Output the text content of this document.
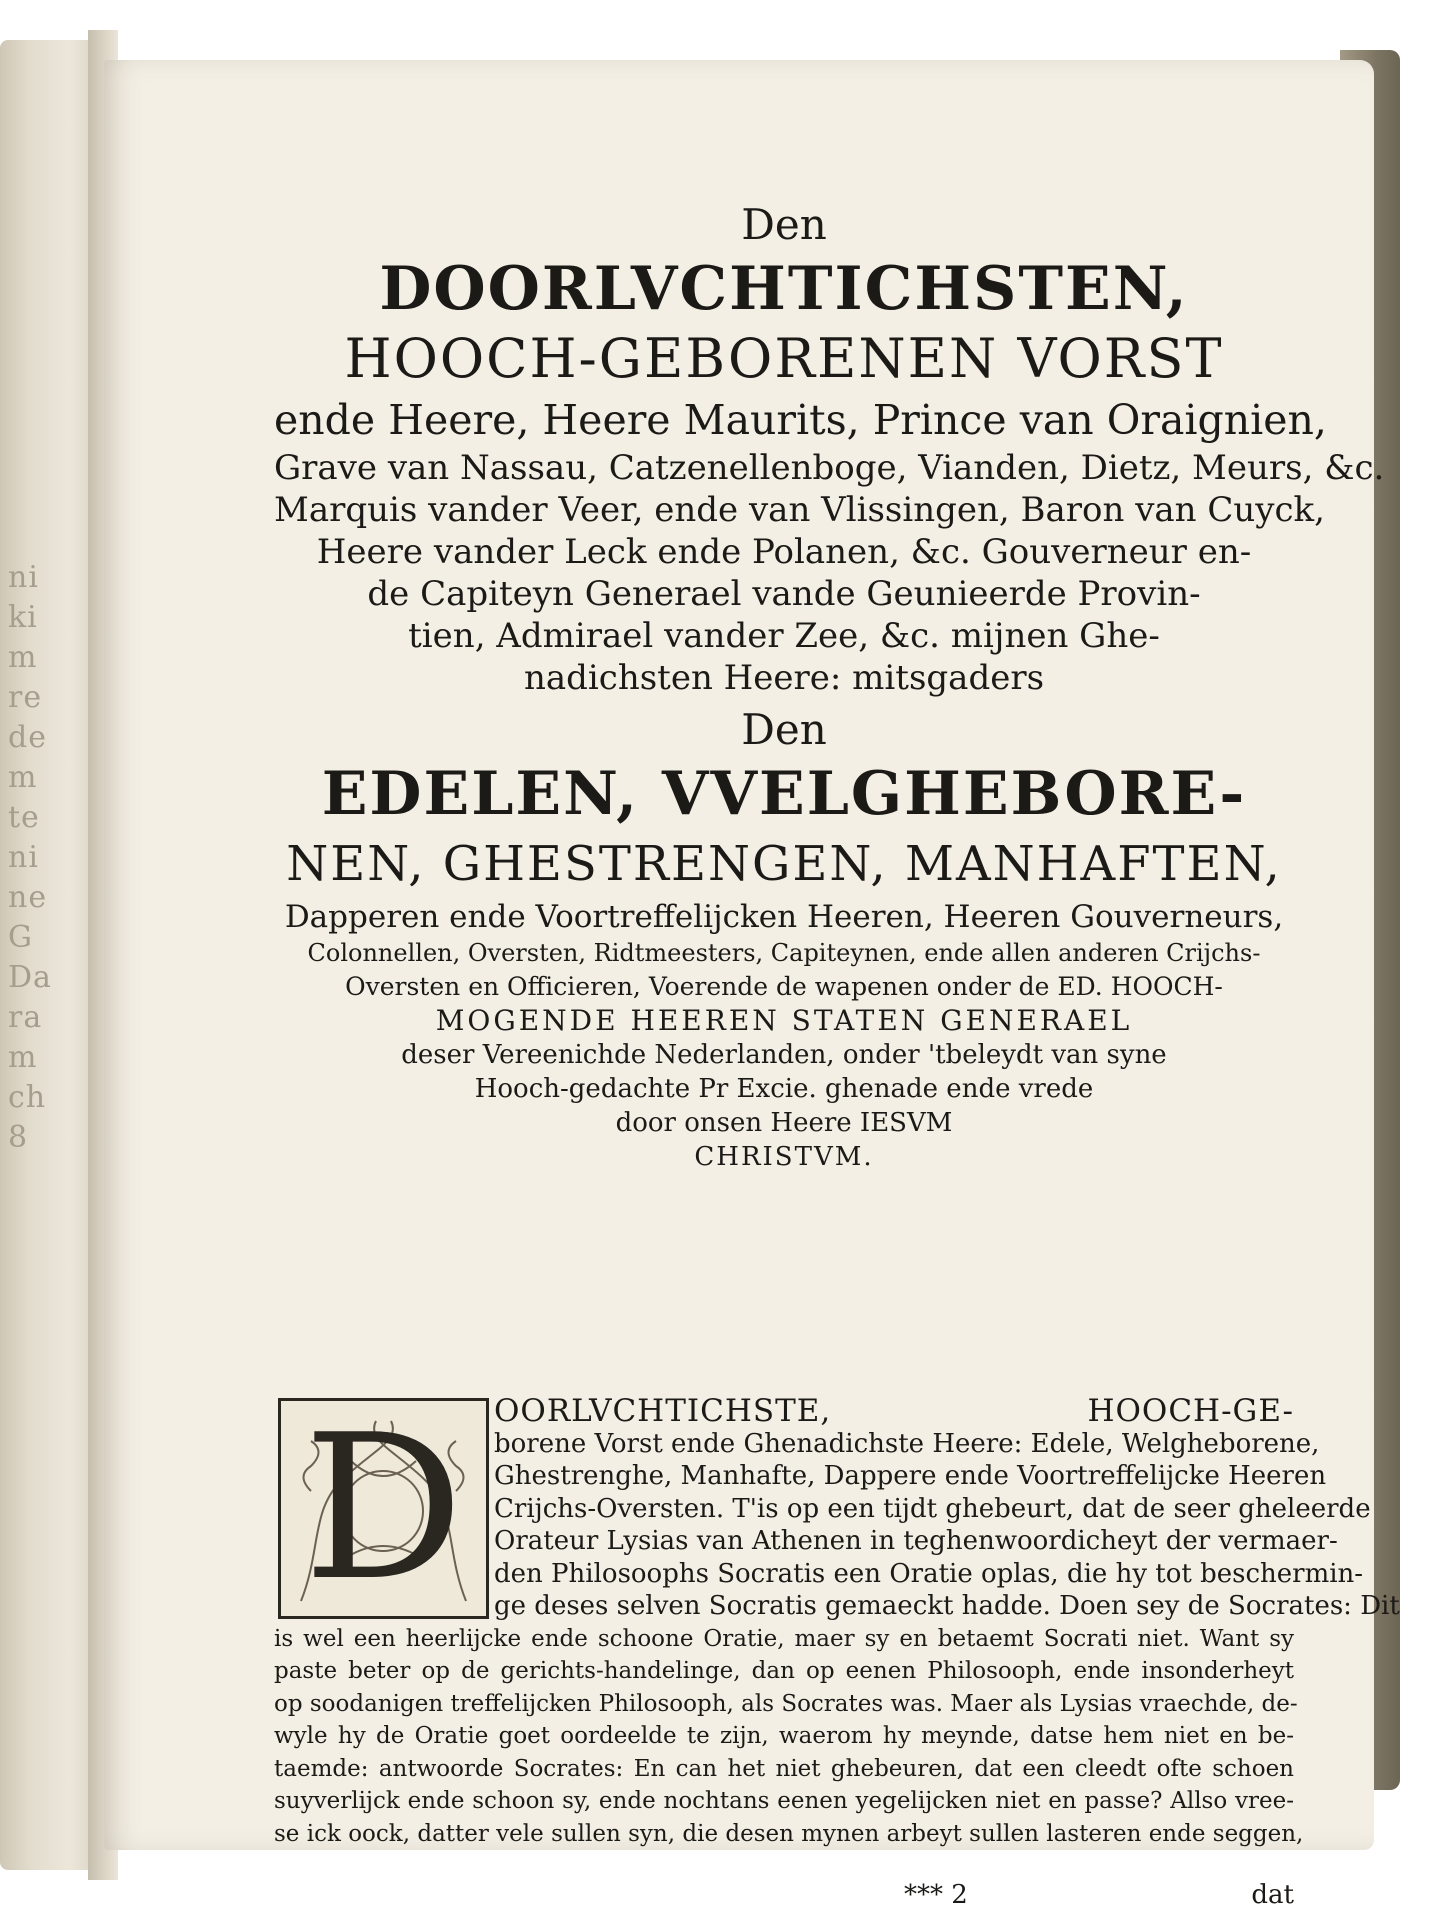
ni
ki
m
re
de
m
te
ni
ne
G
Da
ra
m
ch
8
Den
DOORLVCHTICHSTEN,
HOOCH-GEBORENEN VORST
ende Heere, Heere Maurits, Prince van Oraignien,
Grave van Nassau, Catzenellenboge, Vianden, Dietz, Meurs, &c.
Marquis vander Veer, ende van Vlissingen, Baron van Cuyck,
Heere vander Leck ende Polanen, &c. Gouverneur en-
de Capiteyn Generael vande Geunieerde Provin-
tien, Admirael vander Zee, &c. mijnen Ghe-
nadichsten Heere: mitsgaders
Den
EDELEN, VVELGHEBORE-
NEN, GHESTRENGEN, MANHAFTEN,
Dapperen ende Voortreffelijcken Heeren, Heeren Gouverneurs,
Colonnellen, Oversten, Ridtmeesters, Capiteynen, ende allen anderen Crijchs-
Oversten en Officieren, Voerende de wapenen onder de ED. HOOCH-
MOGENDE HEEREN STATEN GENERAEL
deser Vereenichde Nederlanden, onder 'tbeleydt van syne
Hooch-gedachte Pr Excie. ghenade ende vrede
door onsen Heere IESVM
CHRISTVM.
D OORLVCHTICHSTE, HOOCH-GE-
borene Vorst ende Ghenadichste Heere: Edele, Welgheborene,
Ghestrenghe, Manhafte, Dappere ende Voortreffelijcke Heeren
Crijchs-Oversten. T'is op een tijdt ghebeurt, dat de seer gheleerde
Orateur Lysias van Athenen in teghenwoordicheyt der vermaer-
den Philosoophs Socratis een Oratie oplas, die hy tot beschermin-
ge deses selven Socratis gemaeckt hadde. Doen sey de Socrates: Dit
is wel een heerlijcke ende schoone Oratie, maer sy en betaemt Socrati niet. Want sy
paste beter op de gerichts-handelinge, dan op eenen Philosooph, ende insonderheyt
op soodanigen treffelijcken Philosooph, als Socrates was. Maer als Lysias vraechde, de-
wyle hy de Oratie goet oordeelde te zijn, waerom hy meynde, datse hem niet en be-
taemde: antwoorde Socrates: En can het niet ghebeuren, dat een cleedt ofte schoen
suyverlijck ende schoon sy, ende nochtans eenen yegelijcken niet en passe? Allso vree-
se ick oock, datter vele sullen syn, die desen mynen arbeyt sullen lasteren ende seggen,
*** 2	dat
